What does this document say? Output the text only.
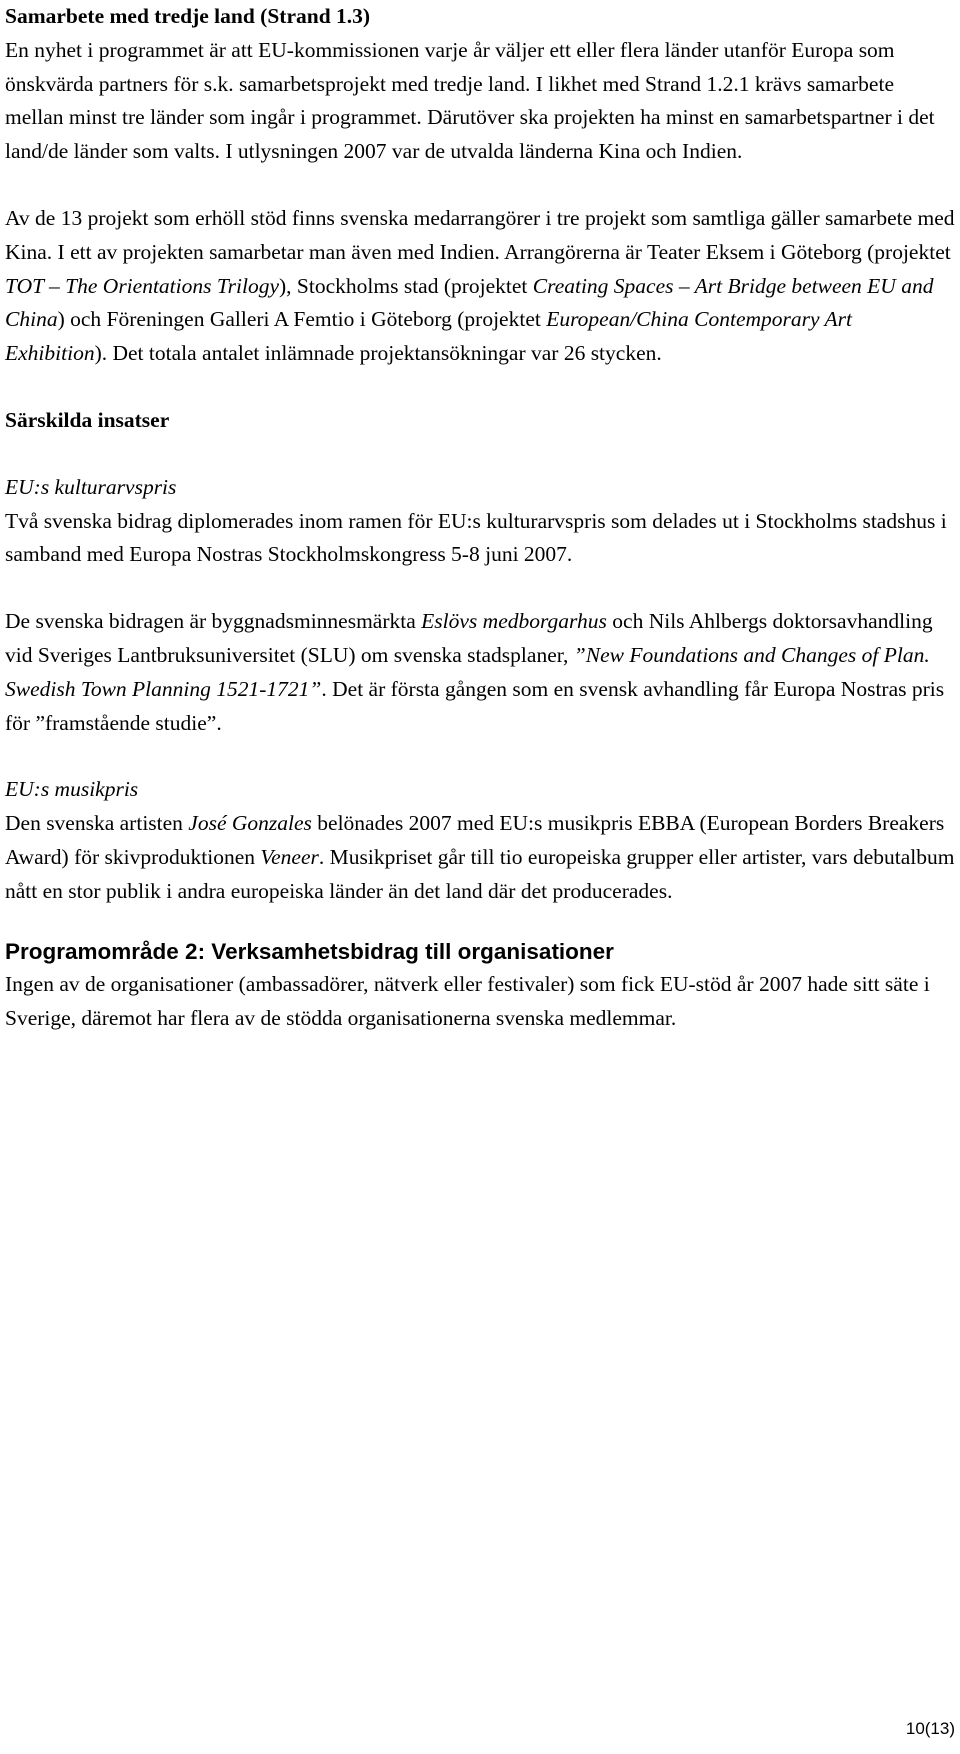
Samarbete med tredje land (Strand 1.3)

En nyhet i programmet är att EU-kommissionen varje år väljer ett eller flera länder utanför Europa som önskvärda partners för s.k. samarbetsprojekt med tredje land. I likhet med Strand 1.2.1 krävs samarbete mellan minst tre länder som ingår i programmet. Därutöver ska projekten ha minst en samarbetspartner i det land/de länder som valts. I utlysningen 2007 var de utvalda länderna Kina och Indien.

Av de 13 projekt som erhöll stöd finns svenska medarrangörer i tre projekt som samtliga gäller samarbete med Kina. I ett av projekten samarbetar man även med Indien. Arrangörerna är Teater Eksem i Göteborg (projektet TOT – The Orientations Trilogy), Stockholms stad (projektet Creating Spaces – Art Bridge between EU and China) och Föreningen Galleri A Femtio i Göteborg (projektet European/China Contemporary Art Exhibition). Det totala antalet inlämnade projektansökningar var 26 stycken.

Särskilda insatser

EU:s kulturarvspris

Två svenska bidrag diplomerades inom ramen för EU:s kulturarvspris som delades ut i Stockholms stadshus i samband med Europa Nostras Stockholmskongress 5-8 juni 2007.

De svenska bidragen är byggnadsminnesmärkta Eslövs medborgarhus och Nils Ahlbergs doktorsavhandling vid Sveriges Lantbruksuniversitet (SLU) om svenska stadsplaner, ”New Foundations and Changes of Plan. Swedish Town Planning 1521-1721”. Det är första gången som en svensk avhandling får Europa Nostras pris för ”framstående studie”.

EU:s musikpris

Den svenska artisten José Gonzales belönades 2007 med EU:s musikpris EBBA (European Borders Breakers Award) för skivproduktionen Veneer. Musikpriset går till tio europeiska grupper eller artister, vars debutalbum nått en stor publik i andra europeiska länder än det land där det producerades.

Programområde 2: Verksamhetsbidrag till organisationer

Ingen av de organisationer (ambassadörer, nätverk eller festivaler) som fick EU-stöd år 2007 hade sitt säte i Sverige, däremot har flera av de stödda organisationerna svenska medlemmar.

10(13)
